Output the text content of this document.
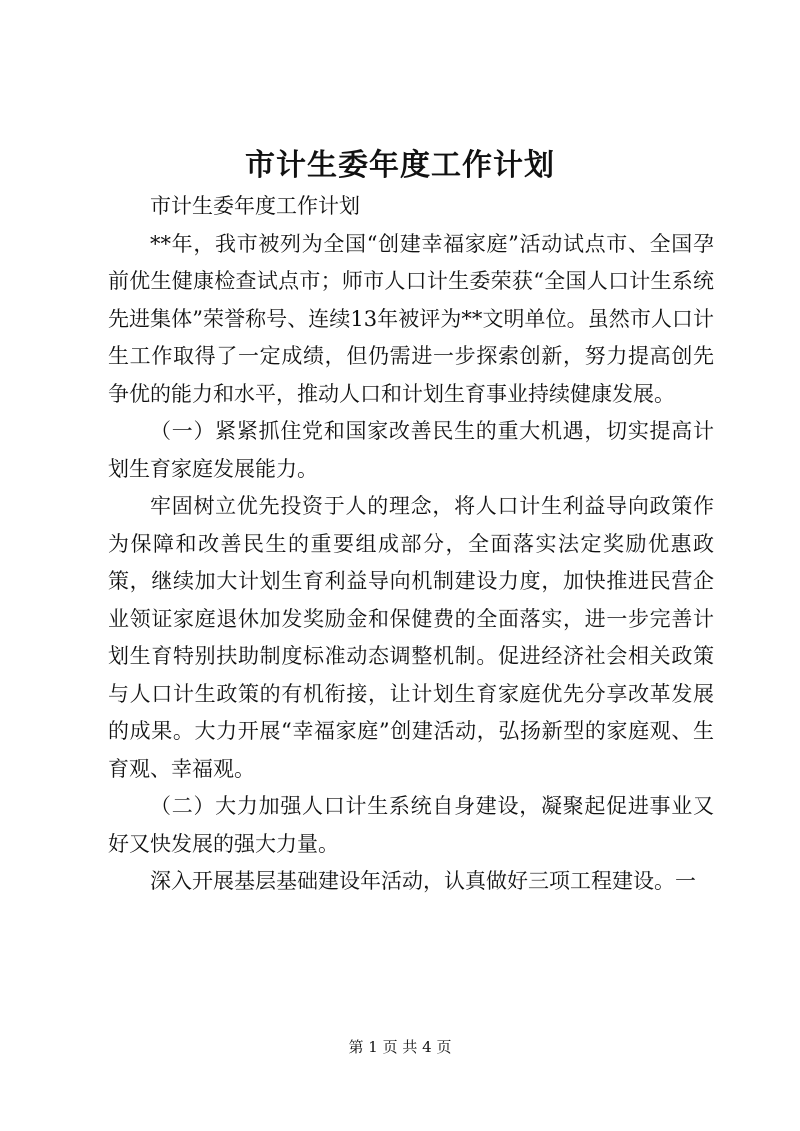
市计生委年度工作计划

市计生委年度工作计划

**年，我市被列为全国“创建幸福家庭”活动试点市、全国孕前优生健康检查试点市；师市人口计生委荣获“全国人口计生系统先进集体”荣誉称号、连续13年被评为**文明单位。虽然市人口计生工作取得了一定成绩，但仍需进一步探索创新，努力提高创先争优的能力和水平，推动人口和计划生育事业持续健康发展。

（一）紧紧抓住党和国家改善民生的重大机遇，切实提高计划生育家庭发展能力。

牢固树立优先投资于人的理念，将人口计生利益导向政策作为保障和改善民生的重要组成部分，全面落实法定奖励优惠政策，继续加大计划生育利益导向机制建设力度，加快推进民营企业领证家庭退休加发奖励金和保健费的全面落实，进一步完善计划生育特别扶助制度标准动态调整机制。促进经济社会相关政策与人口计生政策的有机衔接，让计划生育家庭优先分享改革发展的成果。大力开展“幸福家庭”创建活动，弘扬新型的家庭观、生育观、幸福观。

（二）大力加强人口计生系统自身建设，凝聚起促进事业又好又快发展的强大力量。

深入开展基层基础建设年活动，认真做好三项工程建设。一

第 1 页 共 4 页
